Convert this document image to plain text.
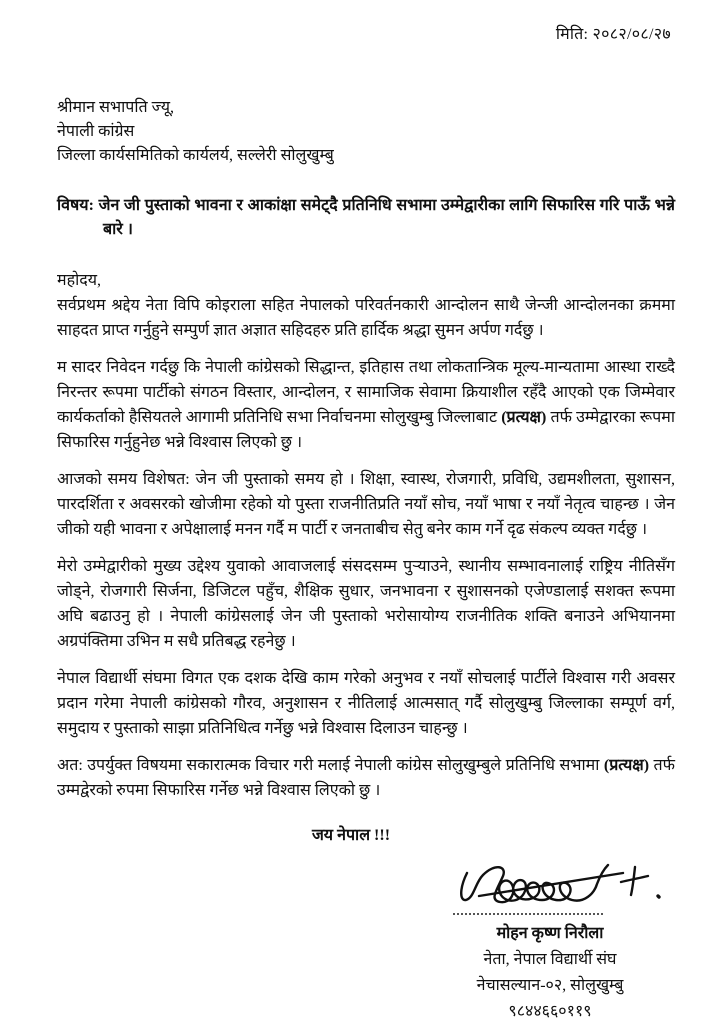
मिति: २०८२/०८/२७
श्रीमान सभापति ज्यू,
नेपाली कांग्रेस
जिल्ला कार्यसमितिको कार्यलर्य, सल्लेरी सोलुखुम्बु
विषय: जेन जी पुस्ताको भावना र आकांक्षा समेट्दै प्रतिनिधि सभामा उम्मेद्वारीका लागि सिफारिस गरि पाऊँ भन्ने बारे ।
महोदय,

सर्वप्रथम श्रद्देय नेता विपि कोइराला सहित नेपालको परिवर्तनकारी आन्दोलन साथै जेन्जी आन्दोलनका क्रममा साहदत प्राप्त गर्नुहुने सम्पुर्ण ज्ञात अज्ञात सहिदहरु प्रति हार्दिक श्रद्धा सुमन अर्पण गर्दछु ।

म सादर निवेदन गर्दछु कि नेपाली कांग्रेसको सिद्धान्त, इतिहास तथा लोकतान्त्रिक मूल्य-मान्यतामा आस्था राख्दै निरन्तर रूपमा पार्टीको संगठन विस्तार, आन्दोलन, र सामाजिक सेवामा क्रियाशील रहँदै आएको एक जिम्मेवार कार्यकर्ताको हैसियतले आगामी प्रतिनिधि सभा निर्वाचनमा सोलुखुम्बु जिल्लाबाट (प्रत्यक्ष) तर्फ उम्मेद्वारका रूपमा सिफारिस गर्नुहुनेछ भन्ने विश्वास लिएको छु ।

आजको समय विशेषत: जेन जी पुस्ताको समय हो । शिक्षा, स्वास्थ, रोजगारी, प्रविधि, उद्यमशीलता, सुशासन, पारदर्शिता र अवसरको खोजीमा रहेको यो पुस्ता राजनीतिप्रति नयाँ सोच, नयाँ भाषा र नयाँ नेतृत्व चाहन्छ । जेन जीको यही भावना र अपेक्षालाई मनन गर्दै म पार्टी र जनताबीच सेतु बनेर काम गर्ने दृढ संकल्प व्यक्त गर्दछु ।

मेरो उम्मेद्वारीको मुख्य उद्देश्य युवाको आवाजलाई संसदसम्म पुऱ्याउने, स्थानीय सम्भावनालाई राष्ट्रिय नीतिसँग जोड्ने, रोजगारी सिर्जना, डिजिटल पहुँच, शैक्षिक सुधार, जनभावना र सुशासनको एजेण्डालाई सशक्त रूपमा अघि बढाउनु हो । नेपाली कांग्रेसलाई जेन जी पुस्ताको भरोसायोग्य राजनीतिक शक्ति बनाउने अभियानमा अग्रपंक्तिमा उभिन म सधै प्रतिबद्ध रहनेछु ।

नेपाल विद्यार्थी संघमा विगत एक दशक देखि काम गरेको अनुभव र नयाँ सोचलाई पार्टीले विश्वास गरी अवसर प्रदान गरेमा नेपाली कांग्रेसको गौरव, अनुशासन र नीतिलाई आत्मसात् गर्दै सोलुखुम्बु जिल्लाका सम्पूर्ण वर्ग, समुदाय र पुस्ताको साझा प्रतिनिधित्व गर्नेछु भन्ने विश्वास दिलाउन चाहन्छु ।

अत: उपर्युक्त विषयमा सकारात्मक विचार गरी मलाई नेपाली कांग्रेस सोलुखुम्बुले प्रतिनिधि सभामा (प्रत्यक्ष) तर्फ उम्मद्वेरको रुपमा सिफारिस गर्नेछ भन्ने विश्वास लिएको छु ।

जय नेपाल !!!
मोहन कृष्ण निरौला
नेता, नेपाल विद्यार्थी संघ
नेचासल्यान-०२, सोलुखुम्बु
९८४४६६०११९
